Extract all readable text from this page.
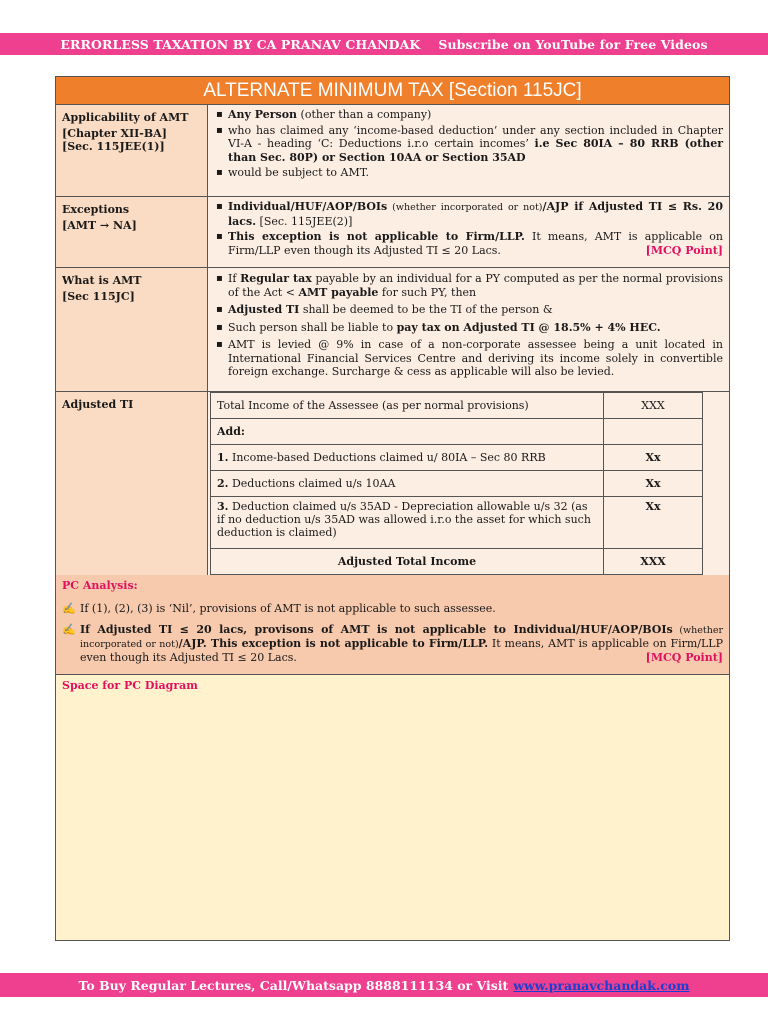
ERRORLESS TAXATION BY CA PRANAV CHANDAK Subscribe on YouTube for Free Videos
ALTERNATE MINIMUM TAX [Section 115JC]
Applicability of AMT
[Chapter XII-BA]
[Sec. 115JEE(1)]
▪ Any Person (other than a company)
▪ who has claimed any ‘income-based deduction’ under any section included in Chapter VI-A - heading ‘C: Deductions i.r.o certain incomes’ i.e Sec 80IA – 80 RRB (other than Sec. 80P) or Section 10AA or Section 35AD
▪ would be subject to AMT.
Exceptions
[AMT → NA]
▪ Individual/HUF/AOP/BOIs (whether incorporated or not)/AJP if Adjusted TI ≤ Rs. 20 lacs. [Sec. 115JEE(2)]
▪ This exception is not applicable to Firm/LLP. It means, AMT is applicable on Firm/LLP even though its Adjusted TI ≤ 20 Lacs.	[MCQ Point]
What is AMT
[Sec 115JC]
▪ If Regular tax payable by an individual for a PY computed as per the normal provisions of the Act < AMT payable for such PY, then
▪ Adjusted TI shall be deemed to be the TI of the person &
▪ Such person shall be liable to pay tax on Adjusted TI @ 18.5% + 4% HEC.
▪ AMT is levied @ 9% in case of a non-corporate assessee being a unit located in International Financial Services Centre and deriving its income solely in convertible foreign exchange. Surcharge & cess as applicable will also be levied.
Adjusted TI	Total Income of the Assessee (as per normal provisions)	XXX
Add:	
1. Income-based Deductions claimed u/ 80IA – Sec 80 RRB	Xx
2. Deductions claimed u/s 10AA	Xx
3. Deduction claimed u/s 35AD - Depreciation allowable u/s 32 (as if no deduction u/s 35AD was allowed i.r.o the asset for which such deduction is claimed)	Xx
Adjusted Total Income	XXX
PC Analysis:
✍ If (1), (2), (3) is ‘Nil’, provisions of AMT is not applicable to such assessee.
✍ If Adjusted TI ≤ 20 lacs, provisons of AMT is not applicable to Individual/HUF/AOP/BOIs (whether incorporated or not)/AJP. This exception is not applicable to Firm/LLP. It means, AMT is applicable on Firm/LLP even though its Adjusted TI ≤ 20 Lacs.	[MCQ Point]
Space for PC Diagram
To Buy Regular Lectures, Call/Whatsapp 8888111134 or Visit www.pranavchandak.com
